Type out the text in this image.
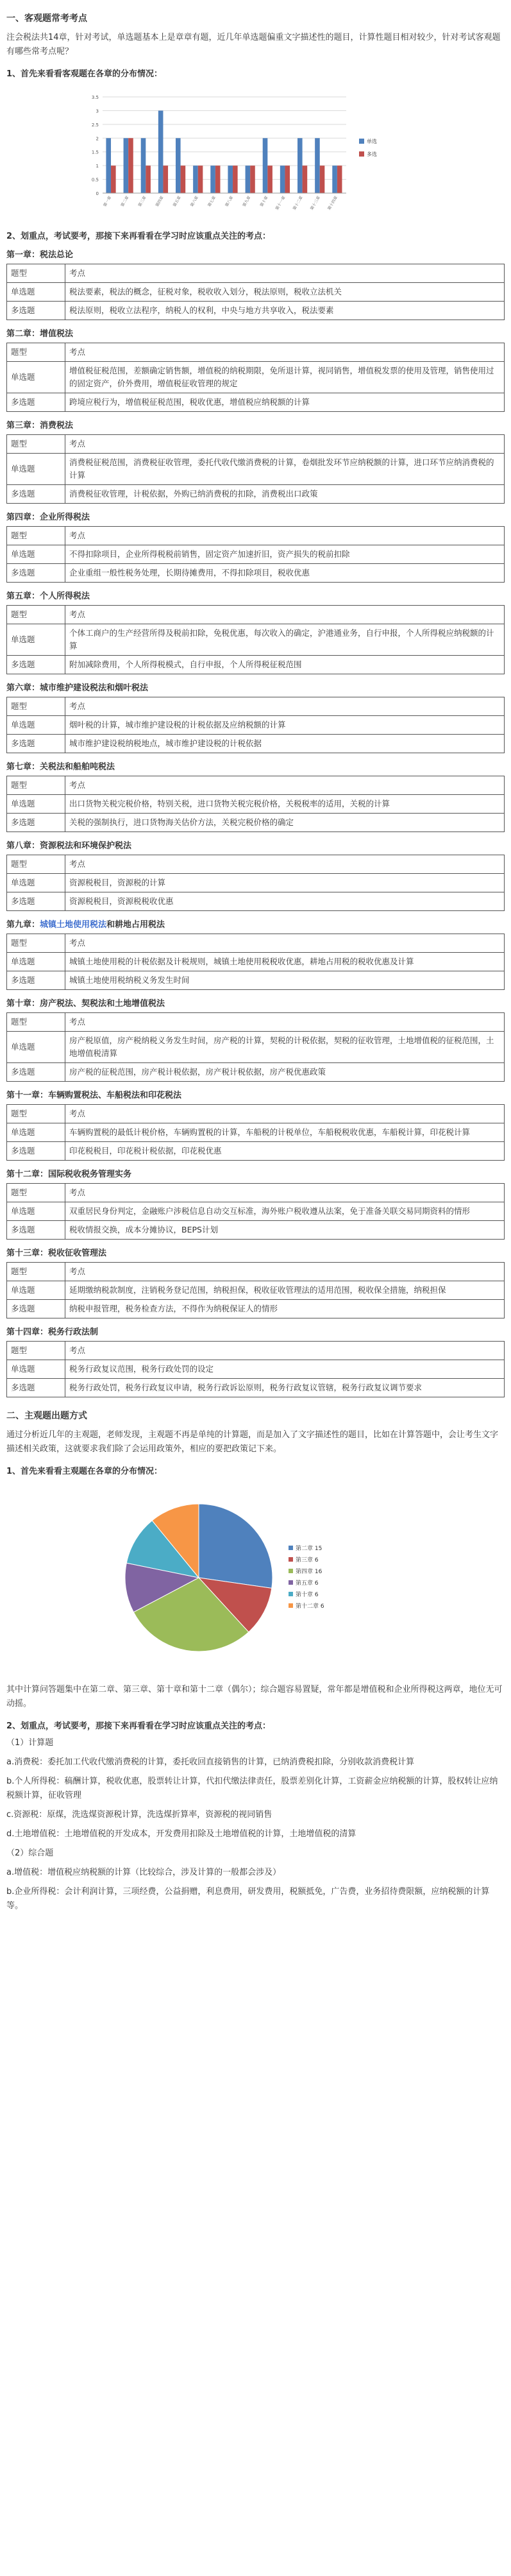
一、客观题常考考点
注会税法共14章，针对考试，单选题基本上是章章有题，近几年单选题偏重文字描述性的题目，计算性题目相对较少，针对考试客观题有哪些常考点呢？
1、首先来看看客观题在各章的分布情况：
0
0.5
1
1.5
2
2.5
3
3.5
第一章 第二章 第三章 第四章 第五章 第六章 第七章 第八章 第九章 第十章 第十一章 第十二章 第十三章 第十四章
单选
多选
2、划重点，考试要考，那接下来再看看在学习时应该重点关注的考点：
第一章：税法总论
题型	考点
单选题	税法要素，税法的概念，征税对象，税收收入划分，税法原则，税收立法机关
多选题	税法原则，税收立法程序，纳税人的权利，中央与地方共享收入，税法要素
第二章：增值税法
题型	考点
单选题	增值税征税范围，差额确定销售额，增值税的纳税期限，免所退计算，视同销售，增值税发票的使用及管理，销售使用过的固定资产，价外费用，增值税征收管理的规定
多选题	跨境应税行为，增值税征税范围，税收优惠，增值税应纳税额的计算
第三章：消费税法
题型	考点
单选题	消费税征税范围，消费税征收管理，委托代收代缴消费税的计算，卷烟批发环节应纳税额的计算，进口环节应纳消费税的计算
多选题	消费税征收管理，计税依据，外购已纳消费税的扣除，消费税出口政策
第四章：企业所得税法
题型	考点
单选题	不得扣除项目，企业所得税税前销售，固定资产加速折旧，资产损失的税前扣除
多选题	企业重组一般性税务处理，长期待摊费用，不得扣除项目，税收优惠
第五章：个人所得税法
题型	考点
单选题	个体工商户的生产经营所得及税前扣除，免税优惠，每次收入的确定，沪港通业务，自行申报，个人所得税应纳税额的计算
多选题	附加减除费用，个人所得税模式，自行申报，个人所得税征税范围
第六章：城市维护建设税法和烟叶税法
题型	考点
单选题	烟叶税的计算，城市维护建设税的计税依据及应纳税额的计算
多选题	城市维护建设税纳税地点，城市维护建设税的计税依据
第七章：关税法和船舶吨税法
题型	考点
单选题	出口货物关税完税价格，特别关税，进口货物关税完税价格，关税税率的适用，关税的计算
多选题	关税的强制执行，进口货物海关估价方法，关税完税价格的确定
第八章：资源税法和环境保护税法
题型	考点
单选题	资源税税目，资源税的计算
多选题	资源税税目，资源税税收优惠
第九章：城镇土地使用税法和耕地占用税法
题型	考点
单选题	城镇土地使用税的计税依据及计税规则，城镇土地使用税税收优惠，耕地占用税的税收优惠及计算
多选题	城镇土地使用税纳税义务发生时间
第十章：房产税法、契税法和土地增值税法
题型	考点
单选题	房产税原值，房产税纳税义务发生时间，房产税的计算，契税的计税依据，契税的征收管理，土地增值税的征税范围，土地增值税清算
多选题	房产税的征税范围，房产税计税依据，房产税计税依据，房产税优惠政策
第十一章：车辆购置税法、车船税法和印花税法
题型	考点
单选题	车辆购置税的最低计税价格，车辆购置税的计算，车船税的计税单位，车船税税收优惠，车船税计算，印花税计算
多选题	印花税税目，印花税计税依据，印花税优惠
第十二章：国际税收税务管理实务
题型	考点
单选题	双重居民身份判定，金融账户涉税信息自动交互标准，海外账户税收遵从法案，免于准备关联交易同期资料的情形
多选题	税收情报交换，成本分摊协议，BEPS计划
第十三章：税收征收管理法
题型	考点
单选题	延期缴纳税款制度，注销税务登记范围，纳税担保，税收征收管理法的适用范围，税收保全措施，纳税担保
多选题	纳税申报管理，税务检查方法，不得作为纳税保证人的情形
第十四章：税务行政法制
题型	考点
单选题	税务行政复议范围，税务行政处罚的设定
多选题	税务行政处罚，税务行政复议申请，税务行政诉讼原则，税务行政复议管辖，税务行政复议调节要求
二、主观题出题方式
通过分析近几年的主观题，老师发现，主观题不再是单纯的计算题，而是加入了文字描述性的题目，比如在计算答题中，会让考生文字描述相关政策，这就要求我们除了会运用政策外，相应的要把政策记下来。
1、首先来看看主观题在各章的分布情况：
第二章 15
第三章 6
第四章 16
第五章 6
第十章 6
第十二章 6
其中计算问答题集中在第二章、第三章、第十章和第十二章（偶尔）；综合题容易置疑，常年都是增值税和企业所得税这两章，地位无可动摇。
2、划重点，考试要考，那接下来再看看在学习时应该重点关注的考点：

（1）计算题

a.消费税：委托加工代收代缴消费税的计算，委托收回直接销售的计算，已纳消费税扣除，分别收款消费税计算

b.个人所得税：稿酬计算，税收优惠，股票转让计算，代扣代缴法律责任，股票差别化计算，工资薪金应纳税额的计算，股权转让应纳税额计算，征收管理

c.资源税：原煤，洗选煤资源税计算，洗选煤折算率，资源税的视同销售

d.土地增值税：土地增值税的开发成本，开发费用扣除及土地增值税的计算，土地增值税的清算

（2）综合题

a.增值税：增值税应纳税额的计算（比较综合，涉及计算的一般都会涉及）

b.企业所得税：会计利润计算，三项经费，公益捐赠，利息费用，研发费用，税额抵免，广告费，业务招待费限额，应纳税额的计算等。
